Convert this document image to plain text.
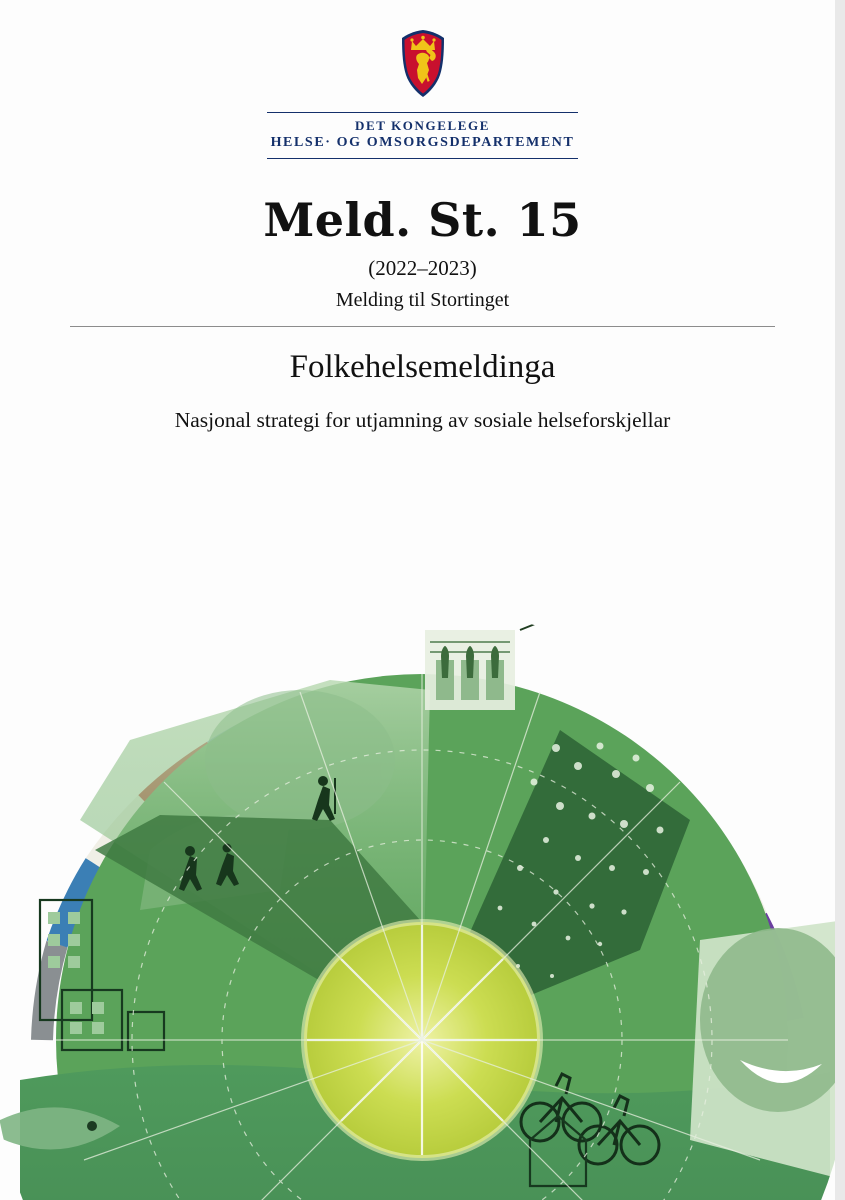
DET KONGELEGE
HELSE· OG OMSORGSDEPARTEMENT
Meld. St. 15
(2022–2023)
Melding til Stortinget
Folkehelsemeldinga
Nasjonal strategi for utjamning av sosiale helseforskjellar
